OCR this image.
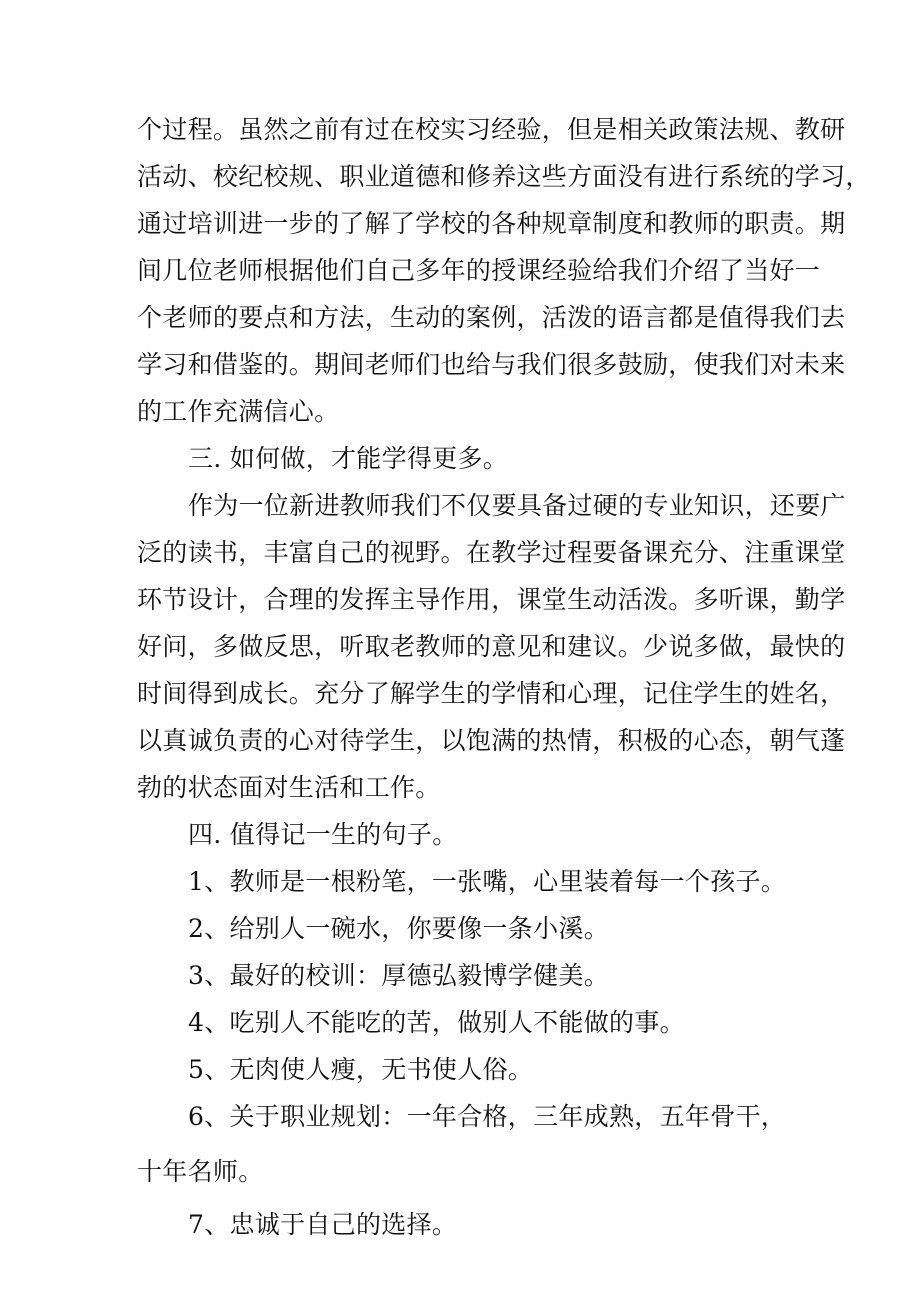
个过程。虽然之前有过在校实习经验，但是相关政策法规、教研
活动、校纪校规、职业道德和修养这些方面没有进行系统的学习，
通过培训进一步的了解了学校的各种规章制度和教师的职责。期
间几位老师根据他们自己多年的授课经验给我们介绍了当好一
个老师的要点和方法，生动的案例，活泼的语言都是值得我们去
学习和借鉴的。期间老师们也给与我们很多鼓励，使我们对未来
的工作充满信心。
三. 如何做，才能学得更多。
作为一位新进教师我们不仅要具备过硬的专业知识，还要广
泛的读书，丰富自己的视野。在教学过程要备课充分、注重课堂
环节设计，合理的发挥主导作用，课堂生动活泼。多听课，勤学
好问，多做反思，听取老教师的意见和建议。少说多做，最快的
时间得到成长。充分了解学生的学情和心理，记住学生的姓名，
以真诚负责的心对待学生，以饱满的热情，积极的心态，朝气蓬
勃的状态面对生活和工作。
四. 值得记一生的句子。
1、教师是一根粉笔，一张嘴，心里装着每一个孩子。
2、给别人一碗水，你要像一条小溪。
3、最好的校训：厚德弘毅博学健美。
4、吃别人不能吃的苦，做别人不能做的事。
5、无肉使人瘦，无书使人俗。
6、关于职业规划：一年合格，三年成熟，五年骨干，
十年名师。
7、忠诚于自己的选择。
